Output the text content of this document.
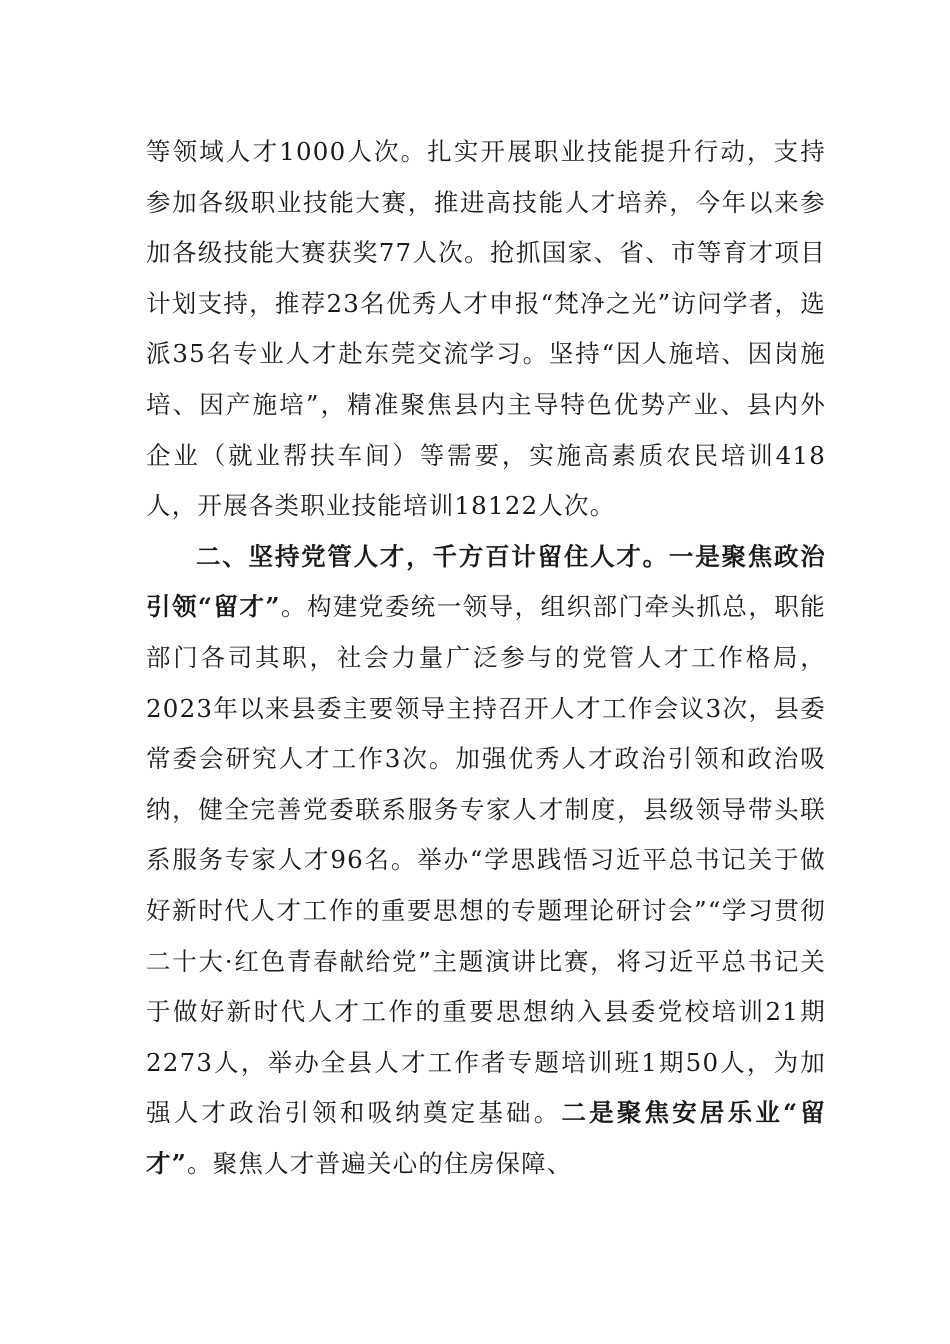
等领域人才1000人次。扎实开展职业技能提升行动，支持参加各级职业技能大赛，推进高技能人才培养，今年以来参加各级技能大赛获奖77人次。抢抓国家、省、市等育才项目计划支持，推荐23名优秀人才申报“梵净之光”访问学者，选派35名专业人才赴东莞交流学习。坚持“因人施培、因岗施培、因产施培”，精准聚焦县内主导特色优势产业、县内外企业（就业帮扶车间）等需要，实施高素质农民培训418人，开展各类职业技能培训18122人次。

二、坚持党管人才，千方百计留住人才。一是聚焦政治引领“留才”。构建党委统一领导，组织部门牵头抓总，职能部门各司其职，社会力量广泛参与的党管人才工作格局，2023年以来县委主要领导主持召开人才工作会议3次，县委常委会研究人才工作3次。加强优秀人才政治引领和政治吸纳，健全完善党委联系服务专家人才制度，县级领导带头联系服务专家人才96名。举办“学思践悟习近平总书记关于做好新时代人才工作的重要思想的专题理论研讨会”“学习贯彻二十大·红色青春献给党”主题演讲比赛，将习近平总书记关于做好新时代人才工作的重要思想纳入县委党校培训21期2273人，举办全县人才工作者专题培训班1期50人，为加强人才政治引领和吸纳奠定基础。二是聚焦安居乐业“留才”。聚焦人才普遍关心的住房保障、
